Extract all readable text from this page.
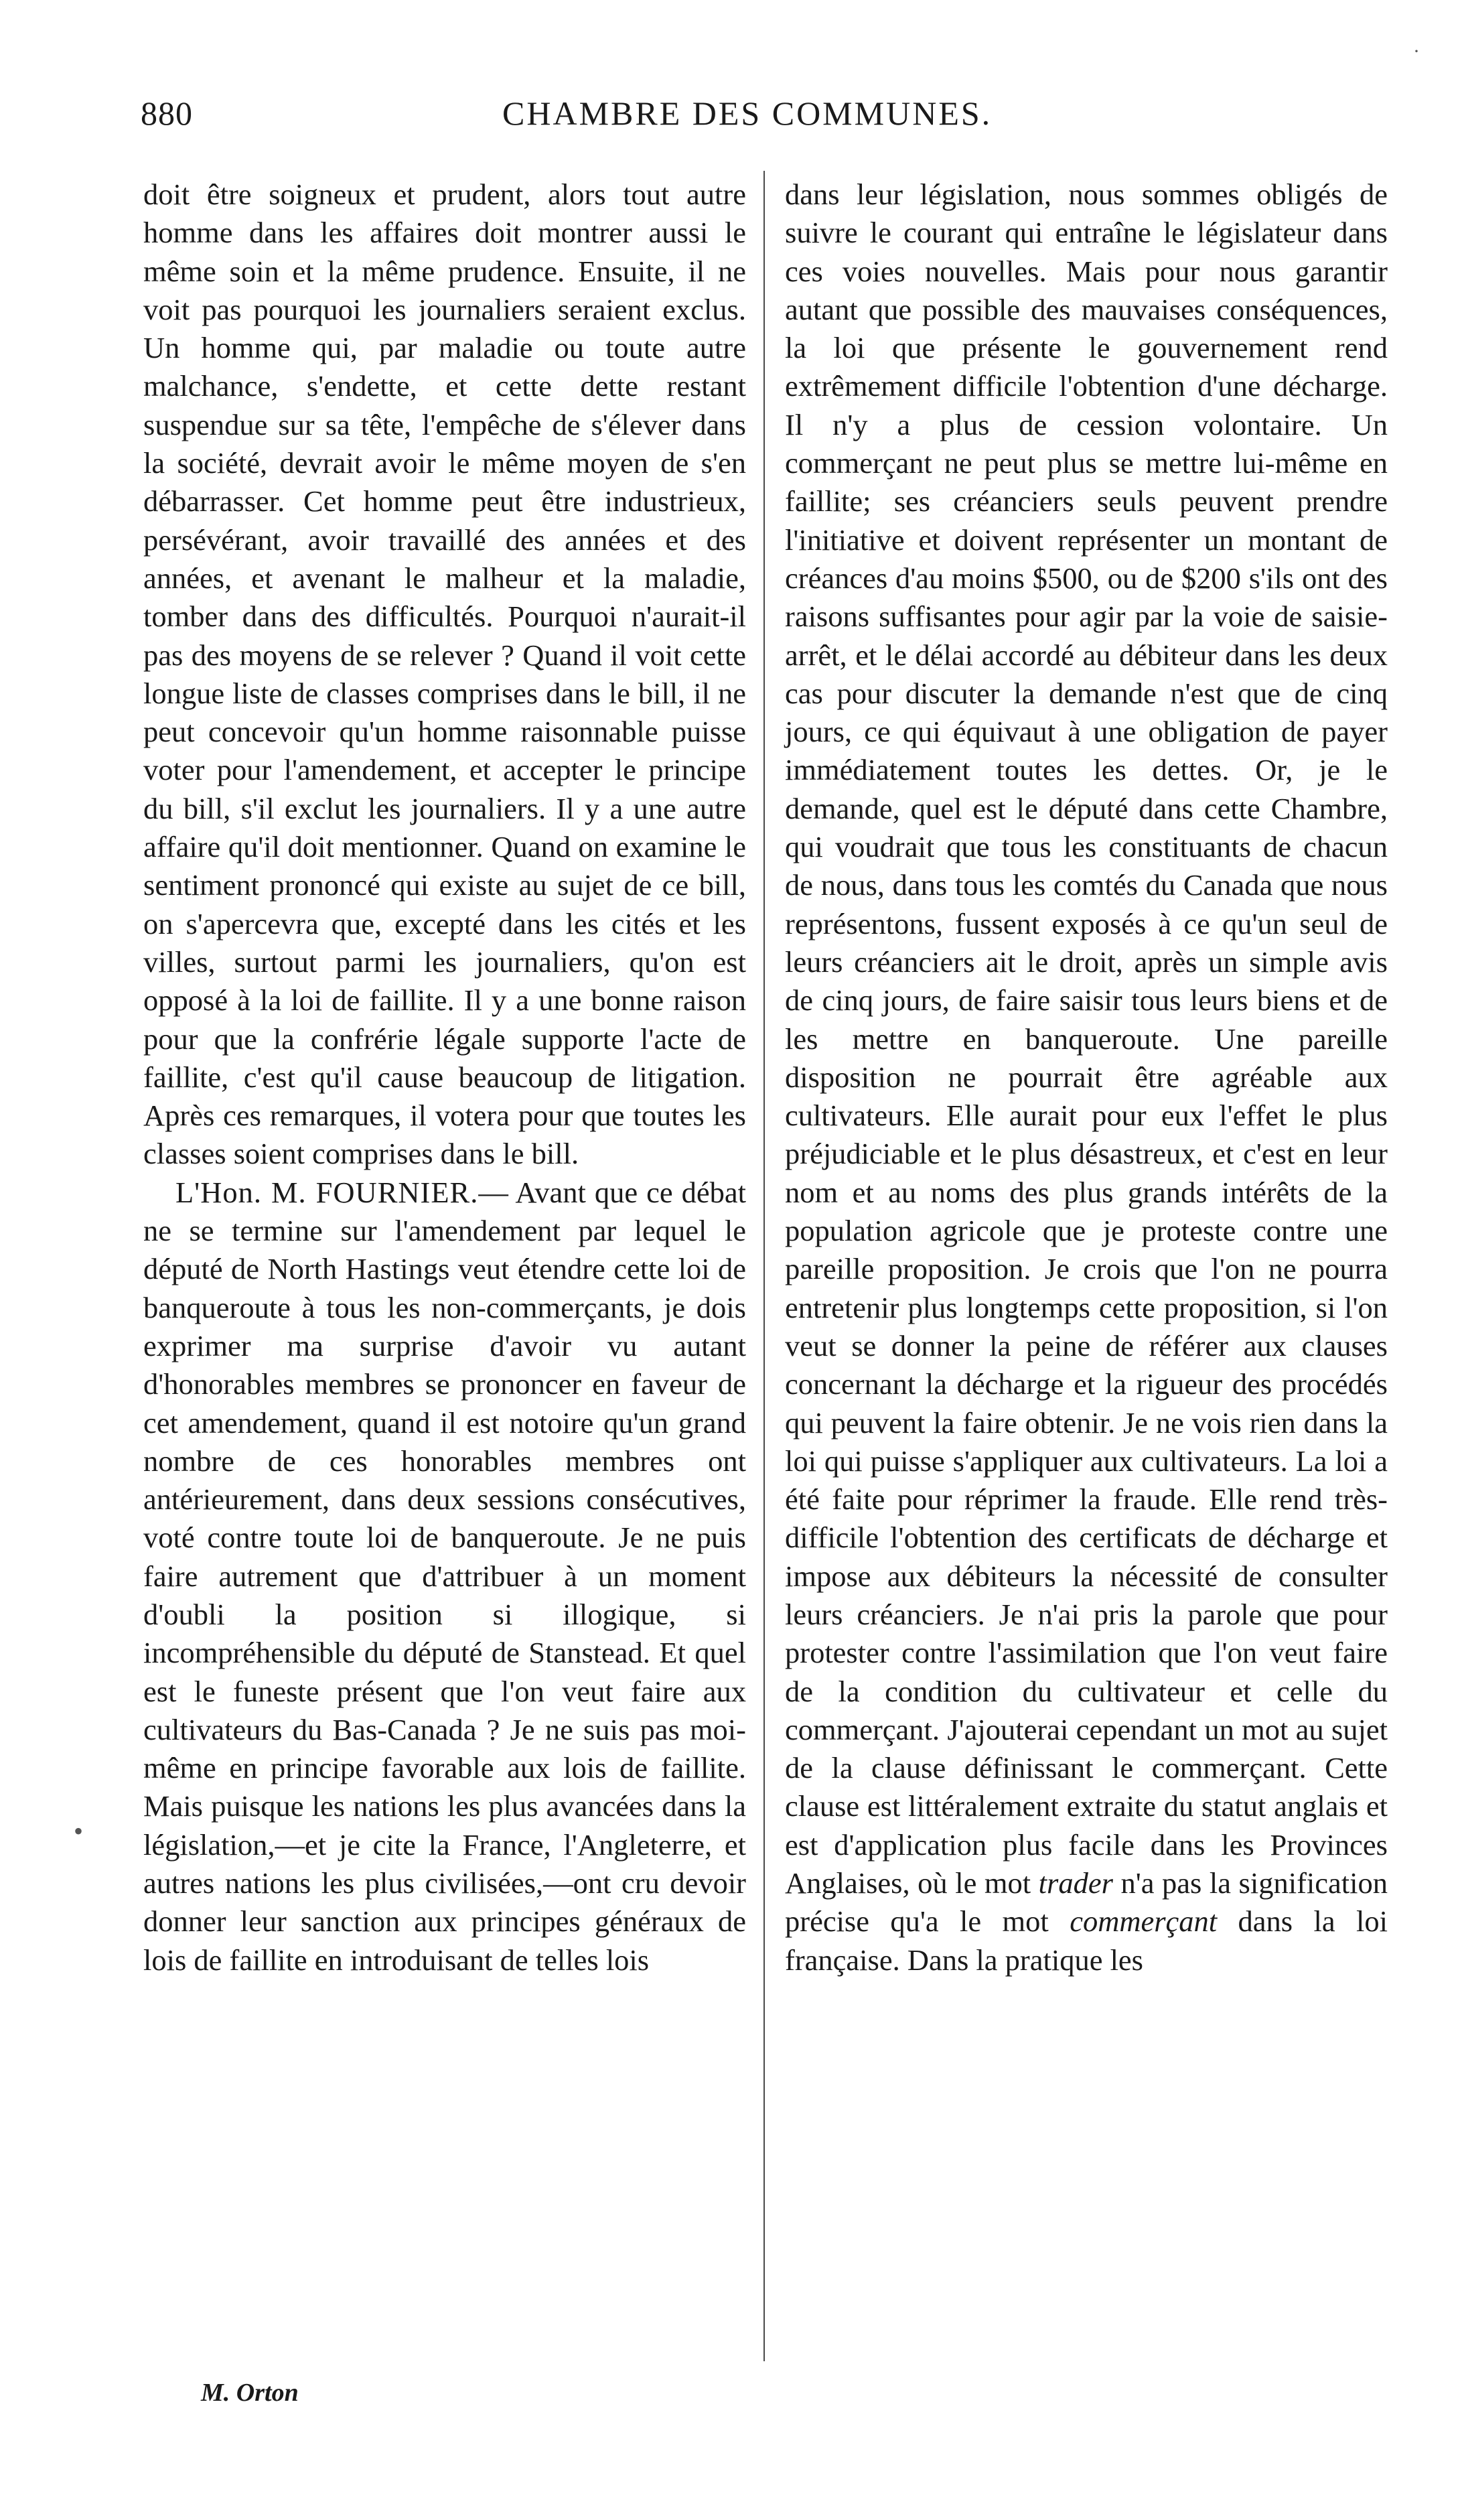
880	CHAMBRE DES COMMUNES.

doit être soigneux et prudent, alors tout autre homme dans les affaires doit montrer aussi le même soin et la même prudence. Ensuite, il ne voit pas pourquoi les journaliers seraient exclus. Un homme qui, par maladie ou toute autre malchance, s'endette, et cette dette restant suspendue sur sa tête, l'empêche de s'élever dans la société, devrait avoir le même moyen de s'en débarrasser. Cet homme peut être industrieux, persévérant, avoir travaillé des années et des années, et avenant le malheur et la maladie, tomber dans des difficultés. Pourquoi n'aurait-il pas des moyens de se relever ? Quand il voit cette longue liste de classes comprises dans le bill, il ne peut concevoir qu'un homme raisonnable puisse voter pour l'amendement, et accepter le principe du bill, s'il exclut les journaliers. Il y a une autre affaire qu'il doit mentionner. Quand on examine le sentiment prononcé qui existe au sujet de ce bill, on s'apercevra que, excepté dans les cités et les villes, surtout parmi les journaliers, qu'on est opposé à la loi de faillite. Il y a une bonne raison pour que la confrérie légale supporte l'acte de faillite, c'est qu'il cause beaucoup de litigation. Après ces remarques, il votera pour que toutes les classes soient comprises dans le bill.

L'Hon. M. FOURNIER.— Avant que ce débat ne se termine sur l'amendement par lequel le député de North Hastings veut étendre cette loi de banqueroute à tous les non-commerçants, je dois exprimer ma surprise d'avoir vu autant d'honorables membres se prononcer en faveur de cet amendement, quand il est notoire qu'un grand nombre de ces honorables membres ont antérieurement, dans deux sessions consécutives, voté contre toute loi de banqueroute. Je ne puis faire autrement que d'attribuer à un moment d'oubli la position si illogique, si incompréhensible du député de Stanstead. Et quel est le funeste présent que l'on veut faire aux cultivateurs du Bas-Canada ? Je ne suis pas moi-même en principe favorable aux lois de faillite. Mais puisque les nations les plus avancées dans la législation,—et je cite la France, l'Angleterre, et autres nations les plus civilisées,—ont cru devoir donner leur sanction aux principes généraux de lois de faillite en introduisant de telles lois

dans leur législation, nous sommes obligés de suivre le courant qui entraîne le législateur dans ces voies nouvelles. Mais pour nous garantir autant que possible des mauvaises conséquences, la loi que présente le gouvernement rend extrêmement difficile l'obtention d'une décharge. Il n'y a plus de cession volontaire. Un commerçant ne peut plus se mettre lui-même en faillite; ses créanciers seuls peuvent prendre l'initiative et doivent représenter un montant de créances d'au moins $500, ou de $200 s'ils ont des raisons suffisantes pour agir par la voie de saisie-arrêt, et le délai accordé au débiteur dans les deux cas pour discuter la demande n'est que de cinq jours, ce qui équivaut à une obligation de payer immédiatement toutes les dettes. Or, je le demande, quel est le député dans cette Chambre, qui voudrait que tous les constituants de chacun de nous, dans tous les comtés du Canada que nous représentons, fussent exposés à ce qu'un seul de leurs créanciers ait le droit, après un simple avis de cinq jours, de faire saisir tous leurs biens et de les mettre en banqueroute. Une pareille disposition ne pourrait être agréable aux cultivateurs. Elle aurait pour eux l'effet le plus préjudiciable et le plus désastreux, et c'est en leur nom et au noms des plus grands intérêts de la population agricole que je proteste contre une pareille proposition. Je crois que l'on ne pourra entretenir plus longtemps cette proposition, si l'on veut se donner la peine de référer aux clauses concernant la décharge et la rigueur des procédés qui peuvent la faire obtenir. Je ne vois rien dans la loi qui puisse s'appliquer aux cultivateurs. La loi a été faite pour réprimer la fraude. Elle rend très-difficile l'obtention des certificats de décharge et impose aux débiteurs la nécessité de consulter leurs créanciers. Je n'ai pris la parole que pour protester contre l'assimilation que l'on veut faire de la condition du cultivateur et celle du commerçant. J'ajouterai cependant un mot au sujet de la clause définissant le commerçant. Cette clause est littéralement extraite du statut anglais et est d'application plus facile dans les Provinces Anglaises, où le mot trader n'a pas la signification précise qu'a le mot commerçant dans la loi française. Dans la pratique les

M. Orton
·
•
